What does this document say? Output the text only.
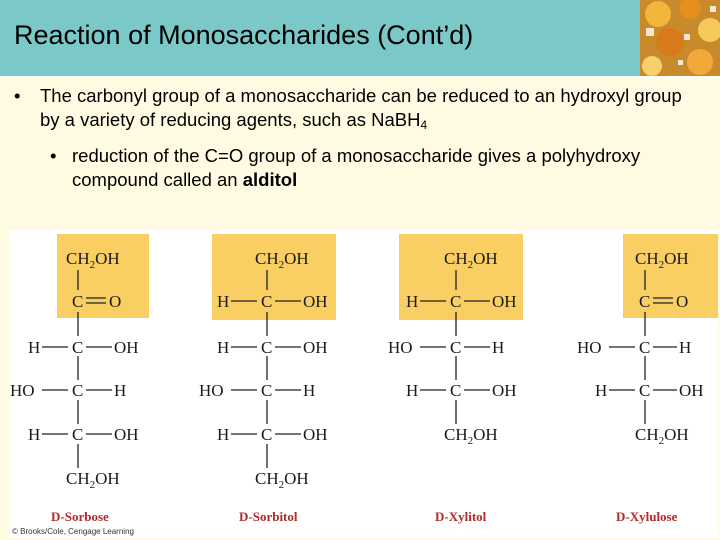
Reaction of Monosaccharides (Cont’d)
•	The carbonyl group of a monosaccharide can be reduced to an hydroxyl group by a variety of reducing agents, such as NaBH$_4$
• reduction of the C=O group of a monosaccharide gives a polyhydroxy compound called an alditol
$CH_2OH$
C O
H C OH
HO C H
H C OH
$CH_2OH$
D-Sorbose
$CH_2OH$
H C OH
H C OH
HO C H
H C OH
$CH_2OH$
D-Sorbitol
$CH_2OH$
H C OH
HO C H
H C OH
$CH_2OH$
D-Xylitol
$CH_2OH$
C O
HO C H
H C OH
$CH_2OH$
D-Xylulose
© Brooks/Cole, Cengage Learning
